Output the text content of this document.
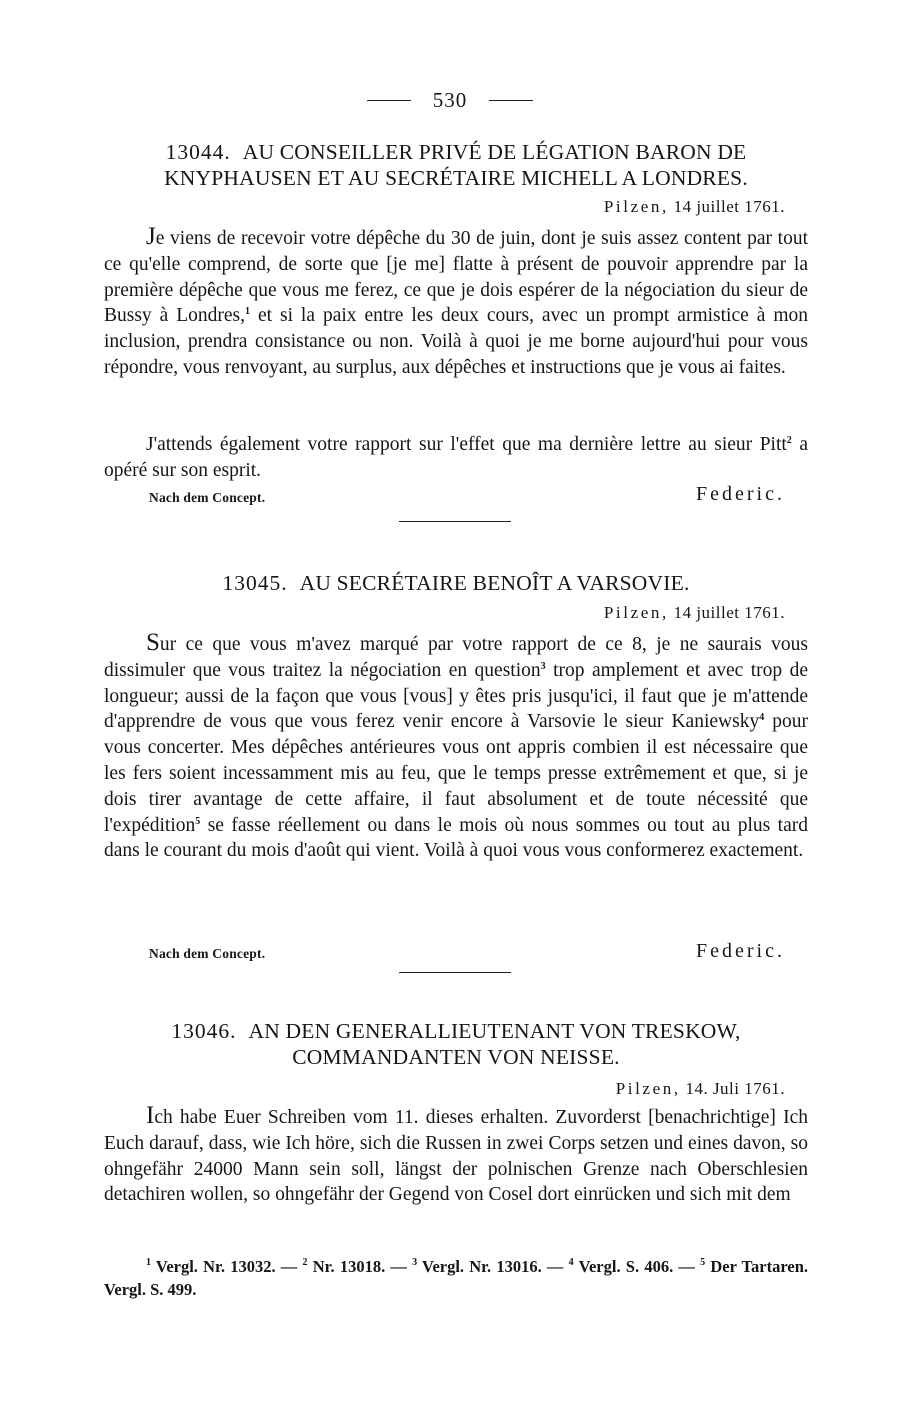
530
13044. AU CONSEILLER PRIVÉ DE LÉGATION BARON DE
KNYPHAUSEN ET AU SECRÉTAIRE MICHELL A LONDRES.
Pilzen, 14 juillet 1761.
Je viens de recevoir votre dépêche du 30 de juin, dont je suis assez content par tout ce qu'elle comprend, de sorte que [je me] flatte à présent de pouvoir apprendre par la première dépêche que vous me ferez, ce que je dois espérer de la négociation du sieur de Bussy à Londres,$^1$ et si la paix entre les deux cours, avec un prompt armistice à mon inclusion, prendra consistance ou non. Voilà à quoi je me borne aujourd'hui pour vous répondre, vous renvoyant, au surplus, aux dépêches et instructions que je vous ai faites.
J'attends également votre rapport sur l'effet que ma dernière lettre au sieur Pitt$^2$ a opéré sur son esprit.
Nach dem Concept.	Federic.
13045. AU SECRÉTAIRE BENOÎT A VARSOVIE.
Pilzen, 14 juillet 1761.
Sur ce que vous m'avez marqué par votre rapport de ce 8, je ne saurais vous dissimuler que vous traitez la négociation en question$^3$ trop amplement et avec trop de longueur; aussi de la façon que vous [vous] y êtes pris jusqu'ici, il faut que je m'attende d'apprendre de vous que vous ferez venir encore à Varsovie le sieur Kaniewsky$^4$ pour vous concerter. Mes dépêches antérieures vous ont appris combien il est nécessaire que les fers soient incessamment mis au feu, que le temps presse extrêmement et que, si je dois tirer avantage de cette affaire, il faut absolument et de toute nécessité que l'expédition$^5$ se fasse réellement ou dans le mois où nous sommes ou tout au plus tard dans le courant du mois d'août qui vient. Voilà à quoi vous vous conformerez exactement.
Nach dem Concept.	Federic.
13046. AN DEN GENERALLIEUTENANT VON TRESKOW,
COMMANDANTEN VON NEISSE.
Pilzen, 14. Juli 1761.
Ich habe Euer Schreiben vom 11. dieses erhalten. Zuvorderst [benachrichtige] Ich Euch darauf, dass, wie Ich höre, sich die Russen in zwei Corps setzen und eines davon, so ohngefähr 24000 Mann sein soll, längst der polnischen Grenze nach Oberschlesien detachiren wollen, so ohngefähr der Gegend von Cosel dort einrücken und sich mit dem
$^1$ Vergl. Nr. 13032. — $^2$ Nr. 13018. — $^3$ Vergl. Nr. 13016. — $^4$ Vergl. S. 406. — $^5$ Der Tartaren. Vergl. S. 499.
